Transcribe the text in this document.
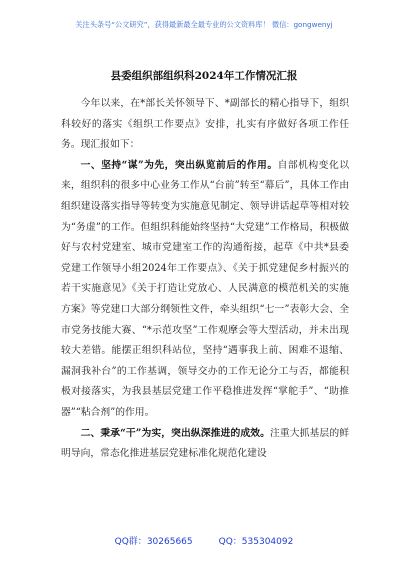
关注头条号“公文研究”，获得最新最全最专业的公文资料库！ 微信：gongwenyj
县委组织部组织科2024年工作情况汇报

今年以来，在*部长关怀领导下、*副部长的精心指导下，组织科较好的落实《组织工作要点》安排，扎实有序做好各项工作任务。现汇报如下：

一、坚持“谋”为先，突出纵览前后的作用。自部机构变化以来，组织科的很多中心业务工作从“台前”转至“幕后”，具体工作由组织建设落实指导等转变为实施意见制定、领导讲话起草等相对较为“务虚”的工作。但组织科能始终坚持“大党建”工作格局，积极做好与农村党建室、城市党建室工作的沟通衔接，起草《中共*县委党建工作领导小组2024年工作要点》、《关于抓党建促乡村振兴的若干实施意见》《关于打造让党放心、人民满意的模范机关的实施方案》等党建口大部分纲领性文件，牵头组织“七一”表彰大会、全市党务技能大赛、“*示范攻坚”工作观摩会等大型活动，并未出现较大差错。能摆正组织科站位，坚持“遇事我上前、困难不退缩、漏洞我补台”的工作基调，领导交办的工作无论分工与否，都能积极对接落实，为我县基层党建工作平稳推进发挥“掌舵手”、“助推器”“粘合剂”的作用。

二、秉承“干”为实，突出纵深推进的成效。注重大抓基层的鲜明导向，常态化推进基层党建标准化规范化建设

QQ群：30265665	QQ：535304092
